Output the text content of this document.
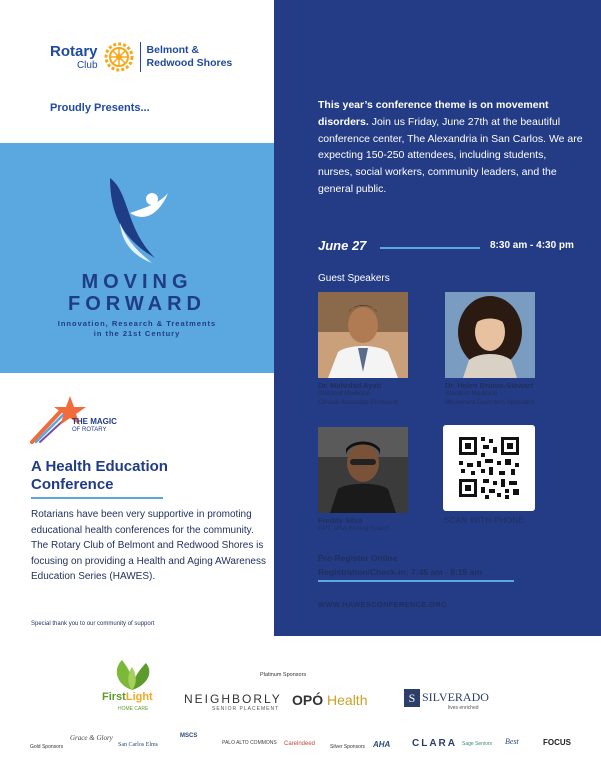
Rotary
Club
Belmont &
Redwood Shores
Proudly Presents...
MOVING
FORWARD
Innovation, Research & Treatments
in the 21st Century
THE MAGIC
OF ROTARY
A Health Education
Conference
Rotarians have been very supportive in promoting educational health conferences for the community. The Rotary Club of Belmont and Redwood Shores is focusing on providing a Health and Aging AWareness Education Series (HAWES).
Special thank you to our community of support
This year’s conference theme is on movement disorders. Join us Friday, June 27th at the beautiful conference center, The Alexandria in San Carlos. We are expecting 150-250 attendees, including students, nurses, social workers, community leaders, and the general public.
June 27	8:30 am - 4:30 pm
Guest Speakers
Dr. Mehrdad Ayati
Stanford Medicine
Clinical Associate Professor
Dr. Helen Bronte-Stewart
Stanford Medicine
Movement Disorders Specialist
Freddy Silva
CPT, USA Boxing Coach
SCAN WITH PHONE
Pre-Register Online
Registration/Check-in: 7:45 am - 8:15 am
WWW.HAWESCONFERENCE.ORG
Platinum Sponsors
FirstLight
HOME CARE
NEIGHBORLY
SENIOR PLACEMENT
OPÓ Health	S SILVERADO
lives enriched
Gold Sponsors
Grace & Glory
San Carlos Elms
MSCS
PALO ALTO COMMONS Carelndeed	Silver Sponsors AHA CLARA Sage Seniors Best	FOCUS
